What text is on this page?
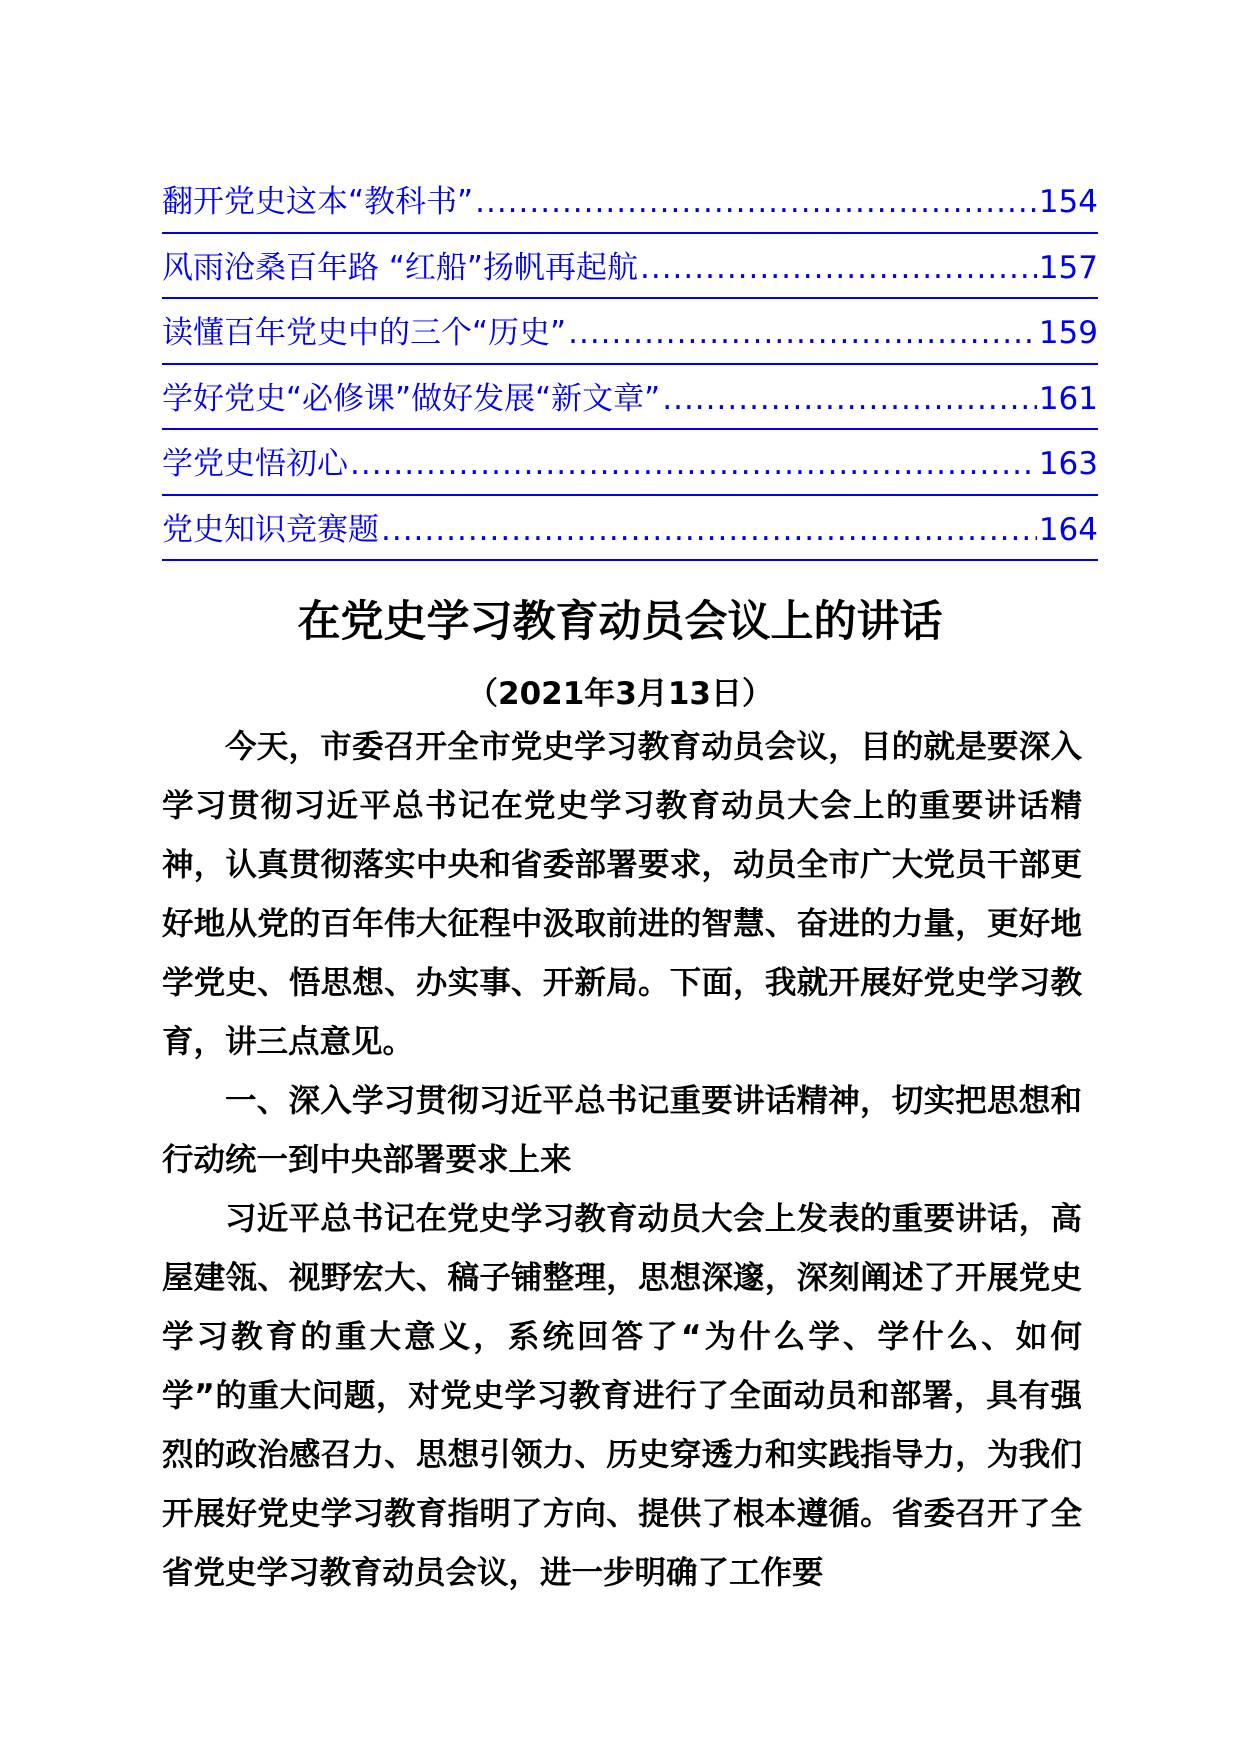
翻开党史这本“教科书” .....	154
风雨沧桑百年路 “红船”扬帆再起航 .....	157
读懂百年党史中的三个“历史” .....	159
学好党史“必修课”做好发展“新文章” .....	161
学党史悟初心 .....	163
党史知识竞赛题 .....	164
在党史学习教育动员会议上的讲话

（2021年3月13日）

今天，市委召开全市党史学习教育动员会议，目的就是要深入学习贯彻习近平总书记在党史学习教育动员大会上的重要讲话精神，认真贯彻落实中央和省委部署要求，动员全市广大党员干部更好地从党的百年伟大征程中汲取前进的智慧、奋进的力量，更好地学党史、悟思想、办实事、开新局。下面，我就开展好党史学习教育，讲三点意见。

一、深入学习贯彻习近平总书记重要讲话精神，切实把思想和行动统一到中央部署要求上来

习近平总书记在党史学习教育动员大会上发表的重要讲话，高屋建瓴、视野宏大、稿子铺整理，思想深邃，深刻阐述了开展党史学习教育的重大意义，系统回答了“为什么学、学什么、如何学”的重大问题，对党史学习教育进行了全面动员和部署，具有强烈的政治感召力、思想引领力、历史穿透力和实践指导力，为我们开展好党史学习教育指明了方向、提供了根本遵循。省委召开了全省党史学习教育动员会议，进一步明确了工作要
